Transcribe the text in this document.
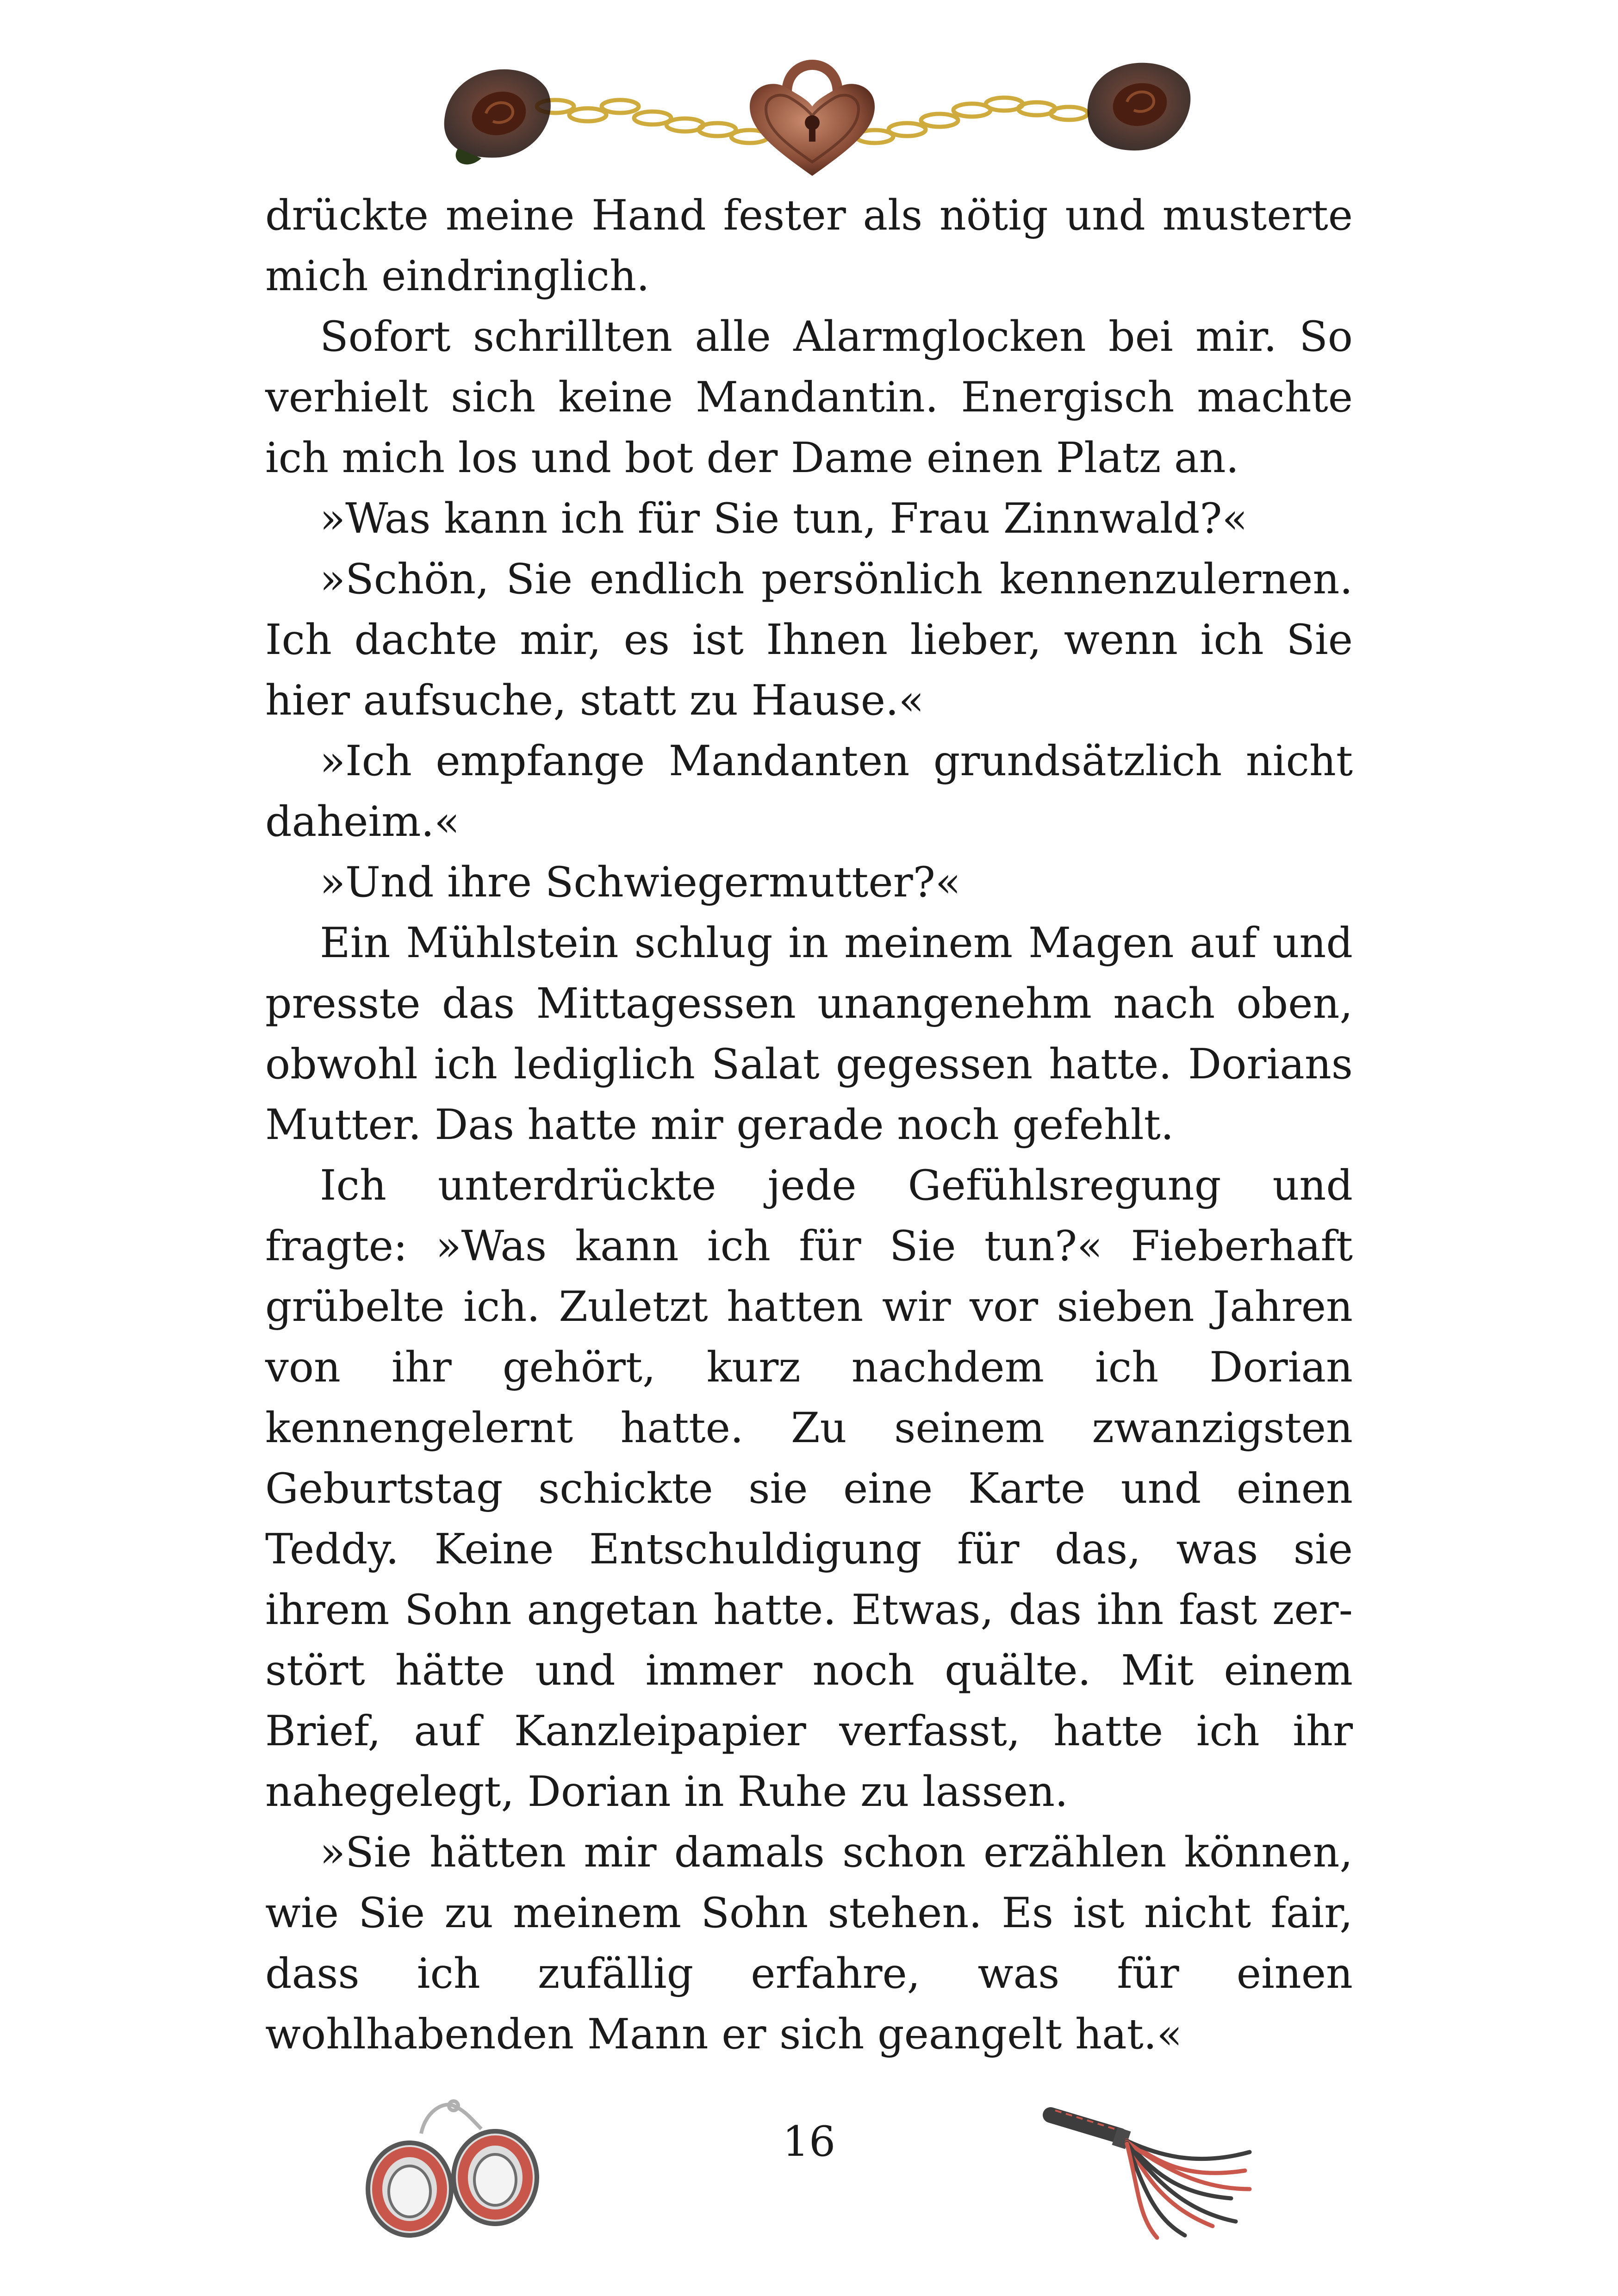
drückte meine Hand fester als nötig und musterte mich eindringlich.

Sofort schrillten alle Alarmglocken bei mir. So verhielt sich keine Mandantin. Energisch machte ich mich los und bot der Dame einen Platz an.

»Was kann ich für Sie tun, Frau Zinnwald?«

»Schön, Sie endlich persönlich kennenzulernen. Ich dachte mir, es ist Ihnen lieber, wenn ich Sie hier aufsuche, statt zu Hause.«

»Ich empfange Mandanten grundsätzlich nicht daheim.«

»Und ihre Schwiegermutter?«

Ein Mühlstein schlug in meinem Magen auf und presste das Mittagessen unangenehm nach oben, obwohl ich lediglich Salat gegessen hatte. Dorians Mutter. Das hatte mir gerade noch gefehlt.

Ich unterdrückte jede Gefühlsregung und fragte: »Was kann ich für Sie tun?« Fieberhaft grübelte ich. Zuletzt hatten wir vor sieben Jahren von ihr gehört, kurz nachdem ich Dorian kennengelernt hatte. Zu seinem zwanzigsten Geburtstag schickte sie eine Karte und einen Teddy. Keine Entschuldigung für das, was sie ihrem Sohn angetan hatte. Etwas, das ihn fast zerstört hätte und immer noch quälte. Mit einem Brief, auf Kanzleipapier verfasst, hatte ich ihr nahegelegt, Dorian in Ruhe zu lassen.

»Sie hätten mir damals schon erzählen können, wie Sie zu meinem Sohn stehen. Es ist nicht fair, dass ich zufällig erfahre, was für einen wohlhabenden Mann er sich geangelt hat.«

16
